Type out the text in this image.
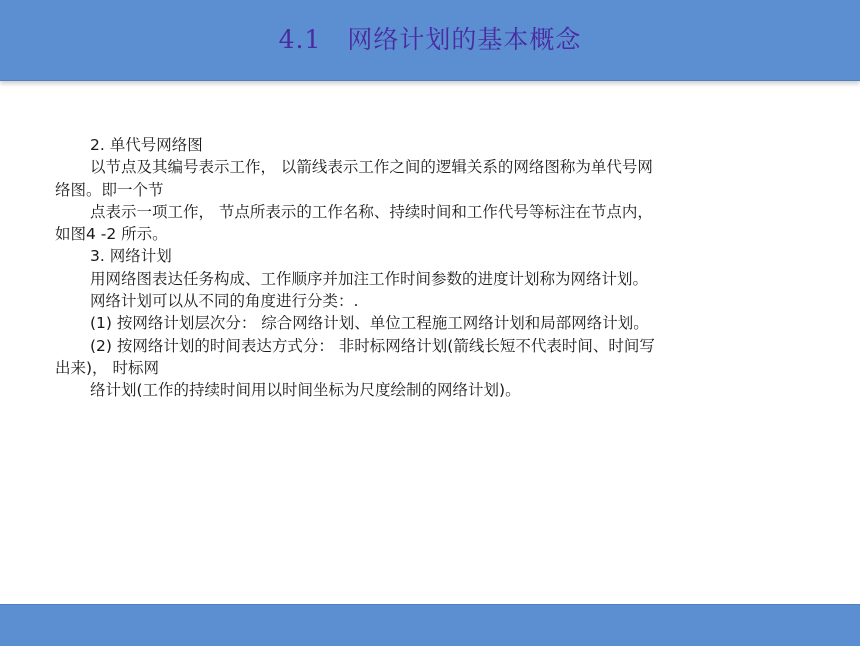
4.1　网络计划的基本概念
2. 单代号网络图
以节点及其编号表示工作， 以箭线表示工作之间的逻辑关系的网络图称为单代号网
络图。即一个节
点表示一项工作， 节点所表示的工作名称、持续时间和工作代号等标注在节点内，
如图4 -2 所示。
3. 网络计划
用网络图表达任务构成、工作顺序并加注工作时间参数的进度计划称为网络计划。
网络计划可以从不同的角度进行分类：.
(1) 按网络计划层次分： 综合网络计划、单位工程施工网络计划和局部网络计划。
(2) 按网络计划的时间表达方式分： 非时标网络计划(箭线长短不代表时间、时间写
出来)， 时标网
络计划(工作的持续时间用以时间坐标为尺度绘制的网络计划)。
